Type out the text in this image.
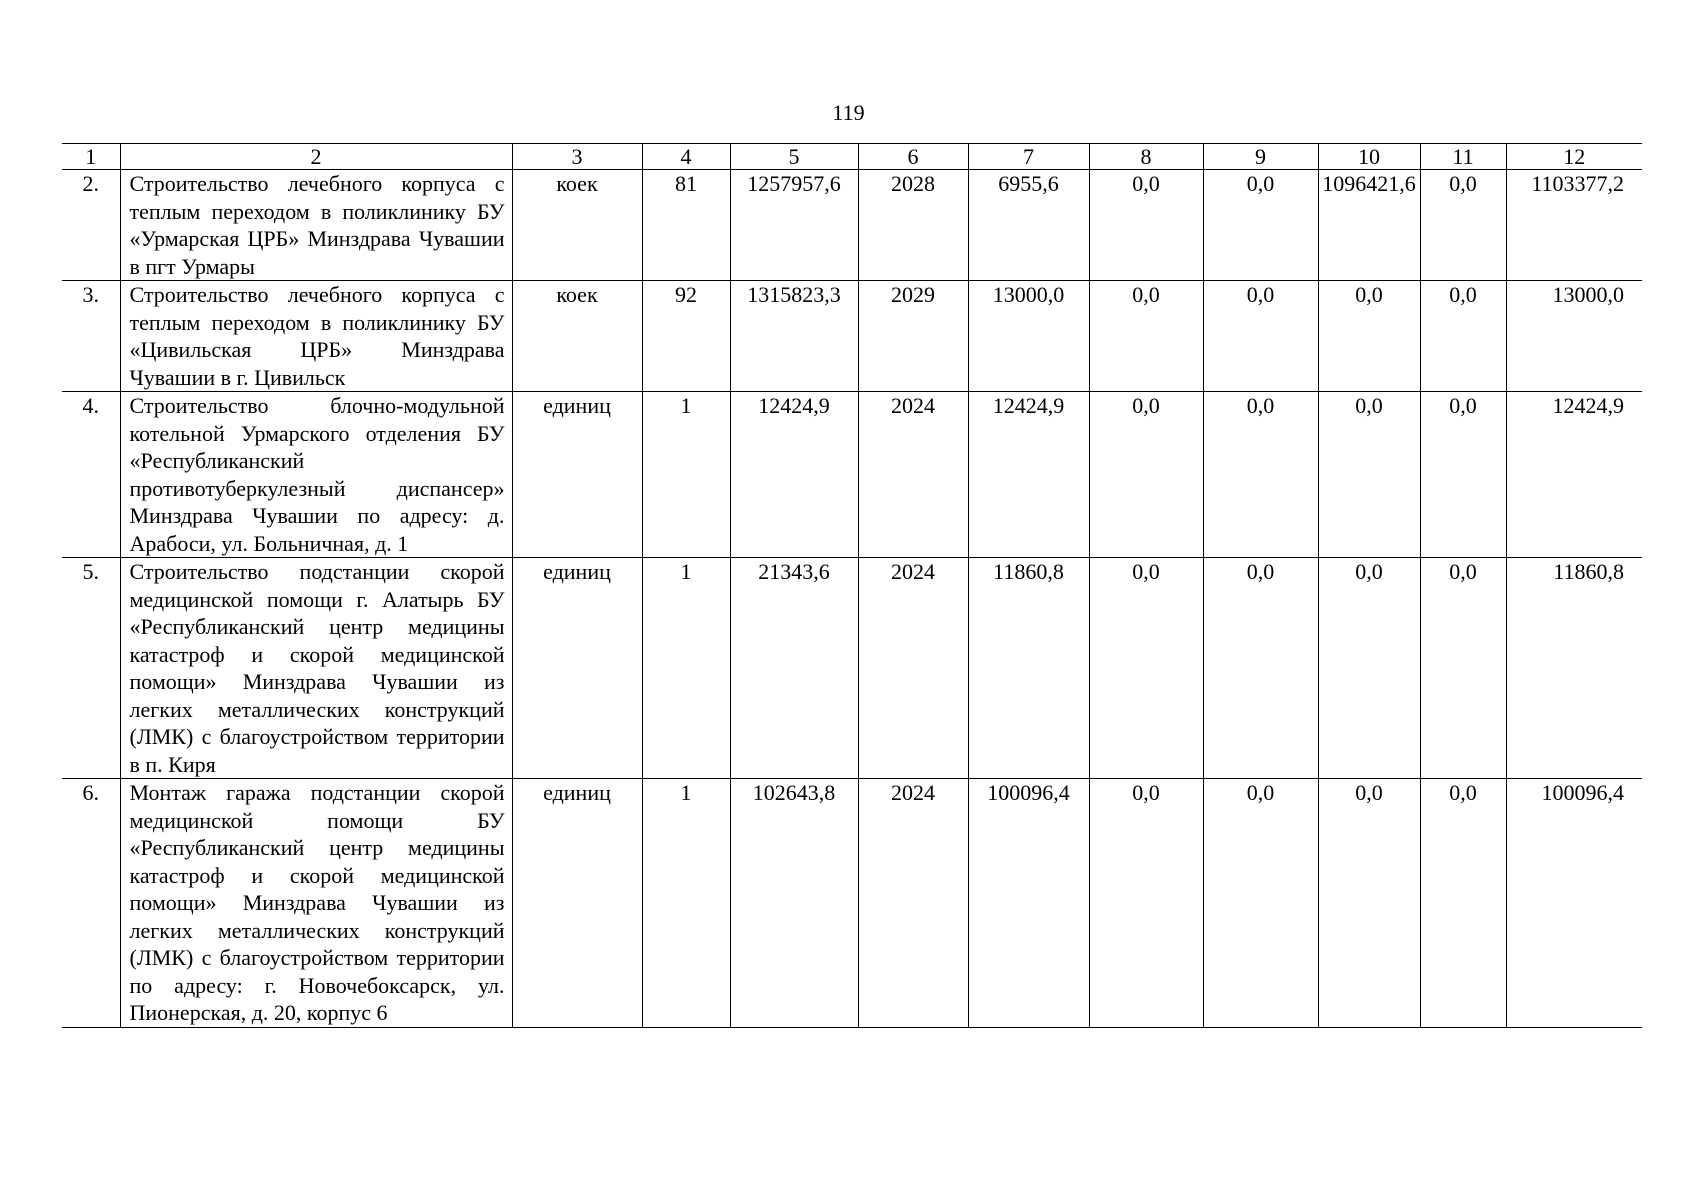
119
1	2	3	4	5	6	7	8	9	10	11	12
2.	Строительство лечебного корпуса с теплым переходом в поликлинику БУ «Урмарская ЦРБ» Минздрава Чувашии в пгт Урмары	коек	81	1257957,6	2028	6955,6	0,0	0,0	1096421,6	0,0	1103377,2
3.	Строительство лечебного корпуса с теплым переходом в поликлинику БУ «Цивильская ЦРБ» Минздрава Чувашии в г. Цивильск	коек	92	1315823,3	2029	13000,0	0,0	0,0	0,0	0,0	13000,0
4.	Строительство блочно-модульной котельной Урмарского отделения БУ «Республиканский противотуберкулезный диспансер» Минздрава Чувашии по адресу: д. Арабоси, ул. Больничная, д. 1	единиц	1	12424,9	2024	12424,9	0,0	0,0	0,0	0,0	12424,9
5.	Строительство подстанции скорой медицинской помощи г. Алатырь БУ «Республиканский центр медицины катастроф и скорой медицинской помощи» Минздрава Чувашии из легких металлических конструкций (ЛМК) с благоустройством территории в п. Киря	единиц	1	21343,6	2024	11860,8	0,0	0,0	0,0	0,0	11860,8
6.	Монтаж гаража подстанции скорой медицинской помощи БУ «Республиканский центр медицины катастроф и скорой медицинской помощи» Минздрава Чувашии из легких металлических конструкций (ЛМК) с благоустройством территории по адресу: г. Новочебоксарск, ул. Пионерская, д. 20, корпус 6	единиц	1	102643,8	2024	100096,4	0,0	0,0	0,0	0,0	100096,4
